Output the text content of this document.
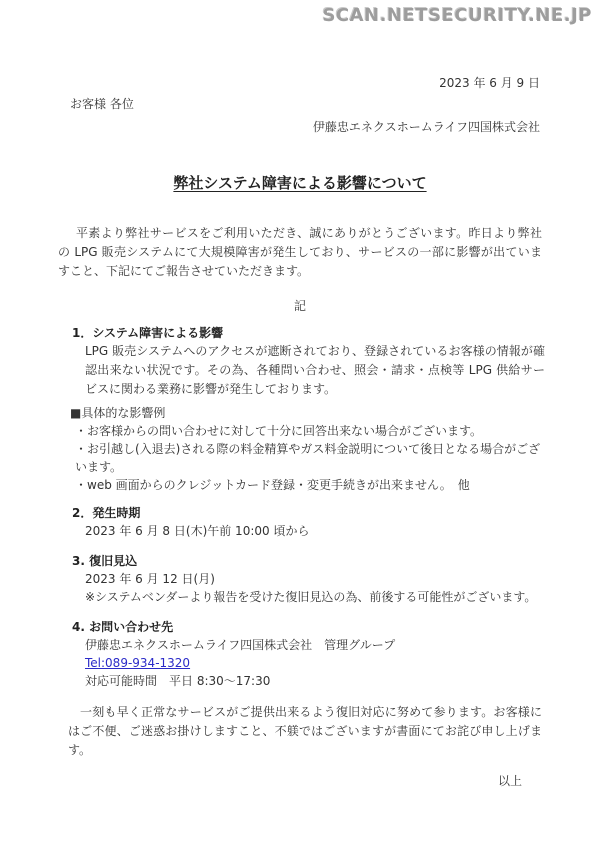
SCAN.NETSECURITY.NE.JP
2023 年 6 月 9 日
お客様 各位
伊藤忠エネクスホームライフ四国株式会社
弊社システム障害による影響について

平素より弊社サービスをご利用いただき、誠にありがとうございます。昨日より弊社の LPG 販売システムにて大規模障害が発生しており、サービスの一部に影響が出ていますこと、下記にてご報告させていただきます。

記
1．システム障害による影響

LPG 販売システムへのアクセスが遮断されており、登録されているお客様の情報が確認出来ない状況です。その為、各種問い合わせ、照会・請求・点検等 LPG 供給サービスに関わる業務に影響が発生しております。

■具体的な影響例
・お客様からの問い合わせに対して十分に回答出来ない場合がございます。
・お引越し(入退去)される際の料金精算やガス料金説明について後日となる場合がございます。
・web 画面からのクレジットカード登録・変更手続きが出来ません。　他
2．発生時期
2023 年 6 月 8 日(木)午前 10:00 頃から
3. 復旧見込
2023 年 6 月 12 日(月)
※システムベンダーより報告を受けた復旧見込の為、前後する可能性がございます。
4. お問い合わせ先
伊藤忠エネクスホームライフ四国株式会社　管理グループ
Tel:089-934-1320
対応可能時間　平日 8:30～17:30

一刻も早く正常なサービスがご提供出来るよう復旧対応に努めて参ります。お客様にはご不便、ご迷惑お掛けしますこと、不躾ではございますが書面にてお詫び申し上げます。

以上
